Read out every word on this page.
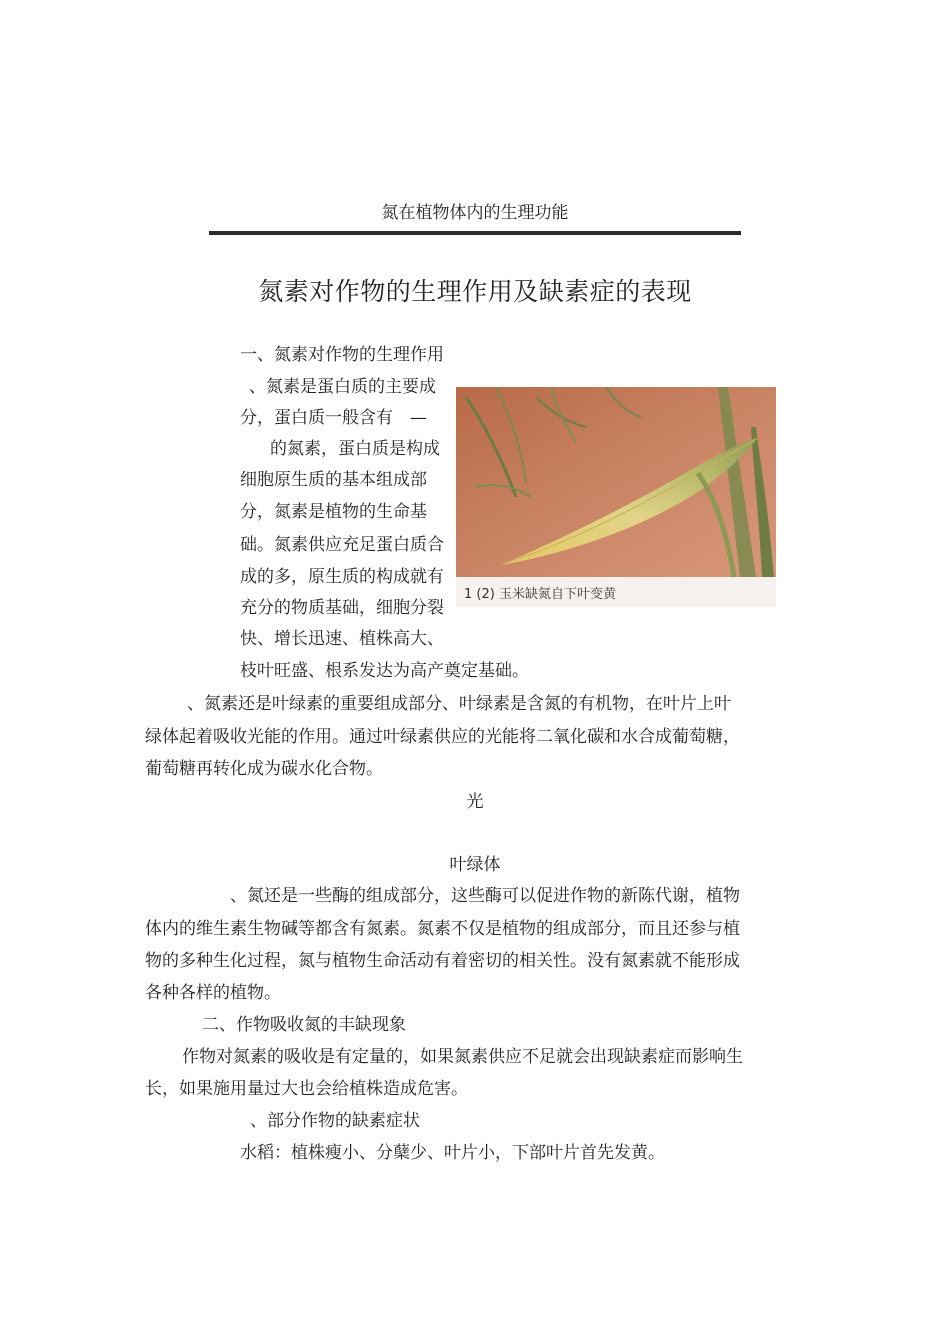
氮在植物体内的生理功能
氮素对作物的生理作用及缺素症的表现
一、氮素对作物的生理作用
、氮素是蛋白质的主要成
分，蛋白质一般含有　—
的氮素，蛋白质是构成
细胞原生质的基本组成部
分，氮素是植物的生命基
础。氮素供应充足蛋白质合
成的多，原生质的构成就有
充分的物质基础，细胞分裂
快、增长迅速、植株高大、
枝叶旺盛、根系发达为高产奠定基础。
1 (2) 玉米缺氮自下叶变黄
、氮素还是叶绿素的重要组成部分、叶绿素是含氮的有机物，在叶片上叶
绿体起着吸收光能的作用。通过叶绿素供应的光能将二氧化碳和水合成葡萄糖，
葡萄糖再转化成为碳水化合物。
光
叶绿体
、氮还是一些酶的组成部分，这些酶可以促进作物的新陈代谢，植物
体内的维生素生物碱等都含有氮素。氮素不仅是植物的组成部分，而且还参与植
物的多种生化过程，氮与植物生命活动有着密切的相关性。没有氮素就不能形成
各种各样的植物。
二、作物吸收氮的丰缺现象
作物对氮素的吸收是有定量的，如果氮素供应不足就会出现缺素症而影响生
长，如果施用量过大也会给植株造成危害。
、部分作物的缺素症状
水稻：植株瘦小、分蘖少、叶片小，下部叶片首先发黄。
